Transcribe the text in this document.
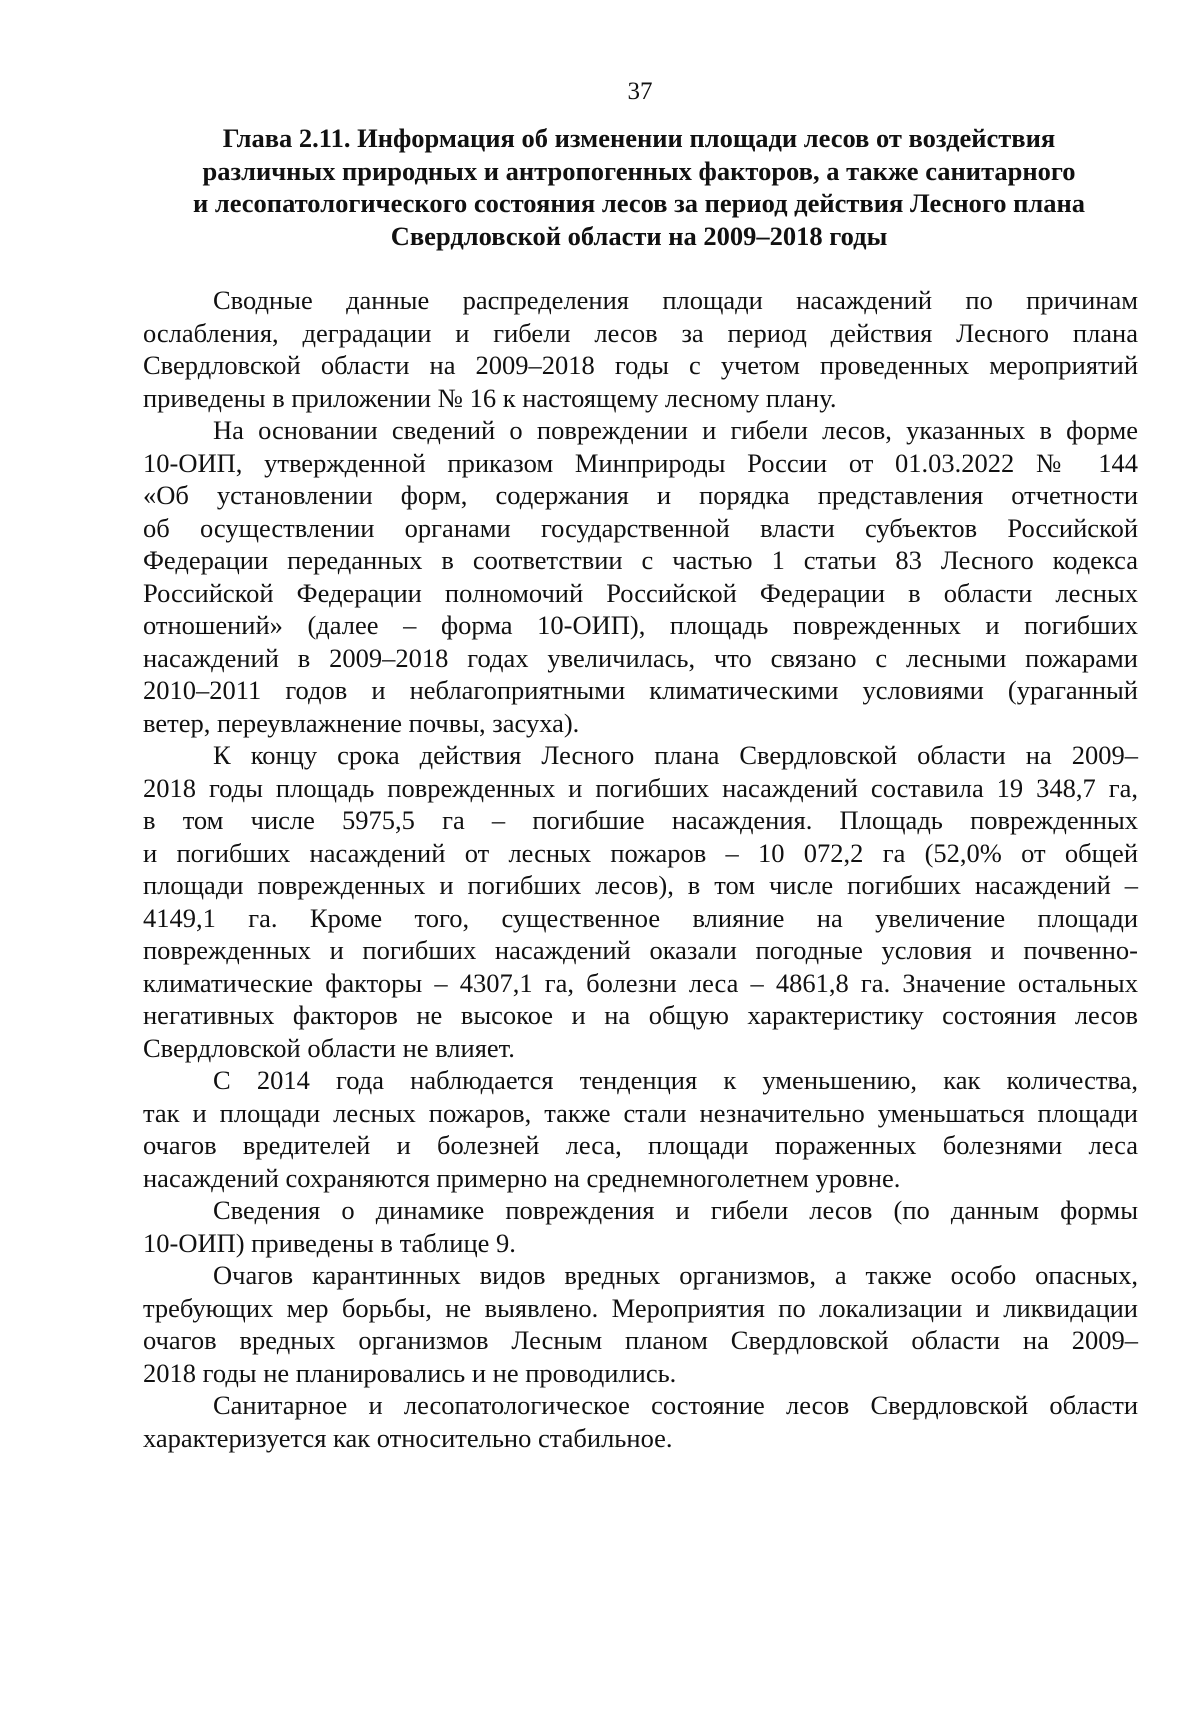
37
Глава 2.11. Информация об изменении площади лесов от воздействия
различных природных и антропогенных факторов, а также санитарного
и лесопатологического состояния лесов за период действия Лесного плана
Свердловской области на 2009–2018 годы
Сводные данные распределения площади насаждений по причинам
ослабления, деградации и гибели лесов за период действия Лесного плана
Свердловской области на 2009–2018 годы с учетом проведенных мероприятий
приведены в приложении № 16 к настоящему лесному плану.
На основании сведений о повреждении и гибели лесов, указанных в форме
10-ОИП, утвержденной приказом Минприроды России от 01.03.2022 № 144
«Об установлении форм, содержания и порядка представления отчетности
об осуществлении органами государственной власти субъектов Российской
Федерации переданных в соответствии с частью 1 статьи 83 Лесного кодекса
Российской Федерации полномочий Российской Федерации в области лесных
отношений» (далее – форма 10-ОИП), площадь поврежденных и погибших
насаждений в 2009–2018 годах увеличилась, что связано с лесными пожарами
2010–2011 годов и неблагоприятными климатическими условиями (ураганный
ветер, переувлажнение почвы, засуха).
К концу срока действия Лесного плана Свердловской области на 2009–
2018 годы площадь поврежденных и погибших насаждений составила 19 348,7 га,
в том числе 5975,5 га – погибшие насаждения. Площадь поврежденных
и погибших насаждений от лесных пожаров – 10 072,2 га (52,0% от общей
площади поврежденных и погибших лесов), в том числе погибших насаждений –
4149,1 га. Кроме того, существенное влияние на увеличение площади
поврежденных и погибших насаждений оказали погодные условия и почвенно-
климатические факторы – 4307,1 га, болезни леса – 4861,8 га. Значение остальных
негативных факторов не высокое и на общую характеристику состояния лесов
Свердловской области не влияет.
С 2014 года наблюдается тенденция к уменьшению, как количества,
так и площади лесных пожаров, также стали незначительно уменьшаться площади
очагов вредителей и болезней леса, площади пораженных болезнями леса
насаждений сохраняются примерно на среднемноголетнем уровне.
Сведения о динамике повреждения и гибели лесов (по данным формы
10-ОИП) приведены в таблице 9.
Очагов карантинных видов вредных организмов, а также особо опасных,
требующих мер борьбы, не выявлено. Мероприятия по локализации и ликвидации
очагов вредных организмов Лесным планом Свердловской области на 2009–
2018 годы не планировались и не проводились.
Санитарное и лесопатологическое состояние лесов Свердловской области
характеризуется как относительно стабильное.
